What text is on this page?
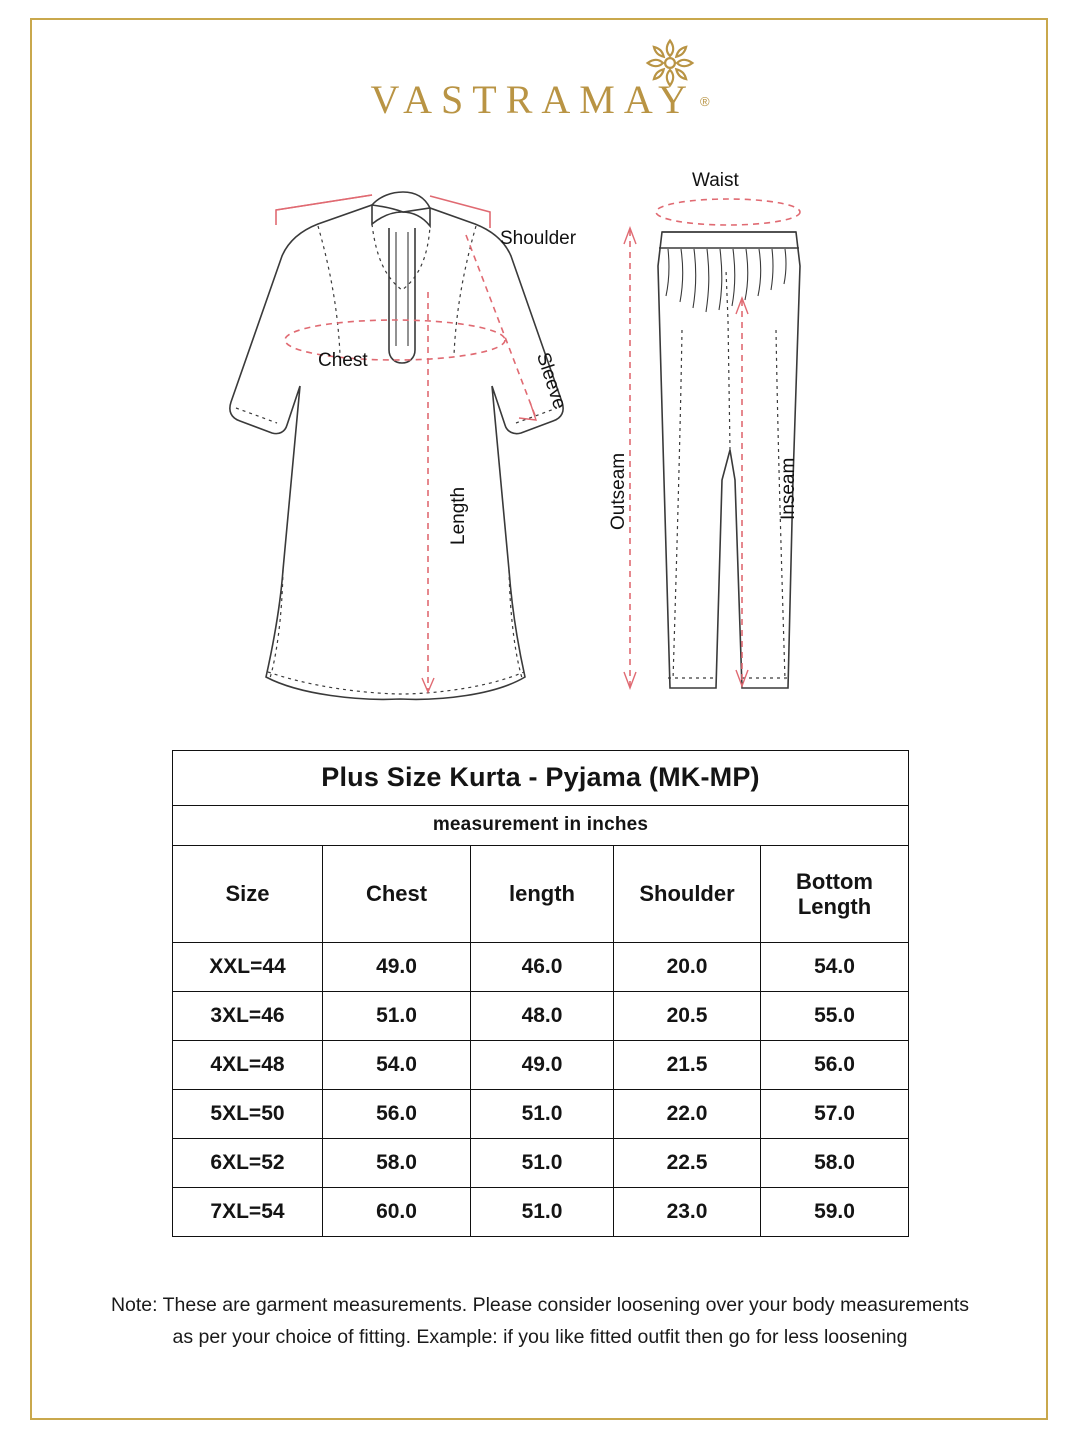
VASTRAMAY ®
Shoulder
Chest	Sleeve
Length
Waist
Outseam	Inseam
Plus Size Kurta - Pyjama (MK-MP)				
measurement in inches				
Size	Chest	length	Shoulder	Bottom
Length

XXL=44	49.0	46.0	20.0	54.0
3XL=46	51.0	48.0	20.5	55.0
4XL=48	54.0	49.0	21.5	56.0
5XL=50	56.0	51.0	22.0	57.0
6XL=52	58.0	51.0	22.5	58.0
7XL=54	60.0	51.0	23.0	59.0
Note: These are garment measurements. Please consider loosening over your body measurements
as per your choice of fitting. Example: if you like fitted outfit then go for less loosening
